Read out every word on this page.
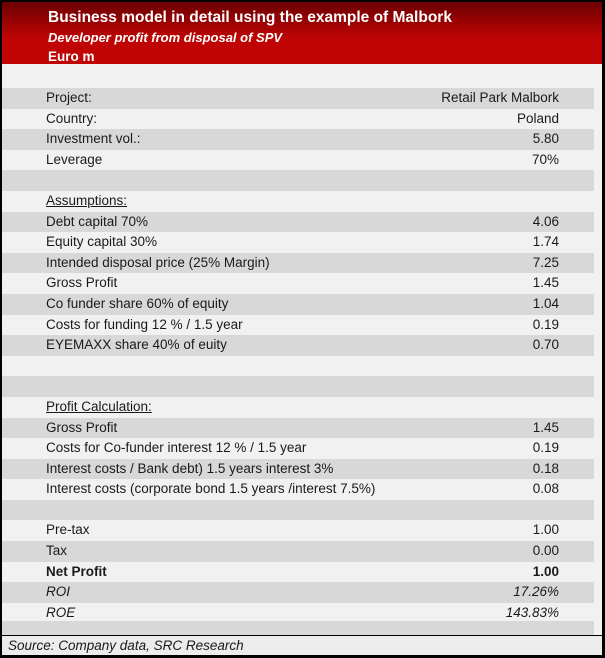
Business model in detail using the example of Malbork
Developer profit from disposal of SPV
Euro m
Project:	Retail Park Malbork
Country:	Poland
Investment vol.:	5.80
Leverage	70%
Assumptions:
Debt capital 70%	4.06
Equity capital 30%	1.74
Intended disposal price (25% Margin)	7.25
Gross Profit	1.45
Co funder share 60% of equity	1.04
Costs for funding 12 % / 1.5 year	0.19
EYEMAXX share 40% of euity	0.70
Profit Calculation:
Gross Profit	1.45
Costs for Co-funder interest 12 % / 1.5 year	0.19
Interest costs / Bank debt) 1.5 years interest 3%	0.18
Interest costs (corporate bond 1.5 years /interest 7.5%)	0.08
Pre-tax	1.00
Tax	0.00
Net Profit	1.00
ROI	17.26%
ROE	143.83%
Source: Company data, SRC Research
